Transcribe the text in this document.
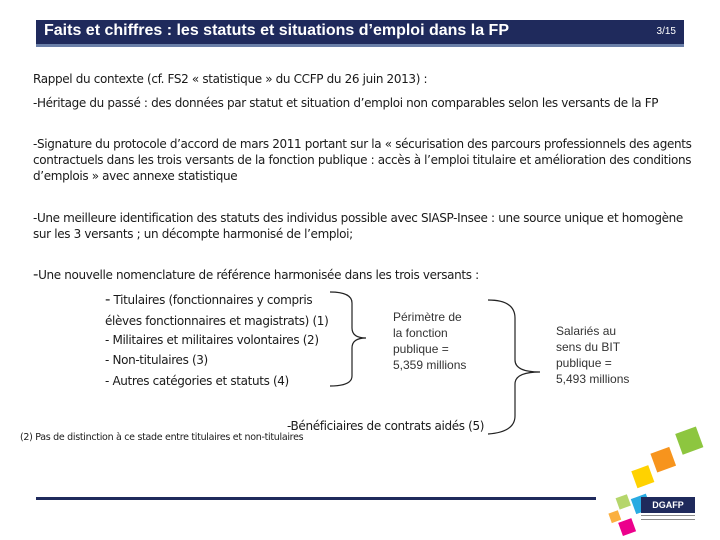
Faits et chiffres : les statuts et situations d’emploi dans la FP	3/15
Rappel du contexte (cf. FS2 « statistique » du CCFP du 26 juin 2013) :
-Héritage du passé : des données par statut et situation d’emploi non comparables selon les versants de la FP
-Signature du protocole d’accord de mars 2011 portant sur la « sécurisation des parcours professionnels des agents contractuels dans les trois versants de la fonction publique : accès à l’emploi titulaire et amélioration des conditions d’emplois » avec annexe statistique
-Une meilleure identification des statuts des individus possible avec SIASP-Insee : une source unique et homogène sur les 3 versants ; un décompte harmonisé de l’emploi;
-Une nouvelle nomenclature de référence harmonisée dans les trois versants :
- Titulaires (fonctionnaires y compris
élèves fonctionnaires et magistrats) (1)
- Militaires et militaires volontaires (2)
- Non-titulaires (3)
- Autres catégories et statuts (4)
-Bénéficiaires de contrats aidés (5)
Périmètre de
la fonction
publique =
5,359 millions
Salariés au
sens du BIT
publique =
5,493 millions
(2) Pas de distinction à ce stade entre titulaires et non-titulaires
DGAFP
